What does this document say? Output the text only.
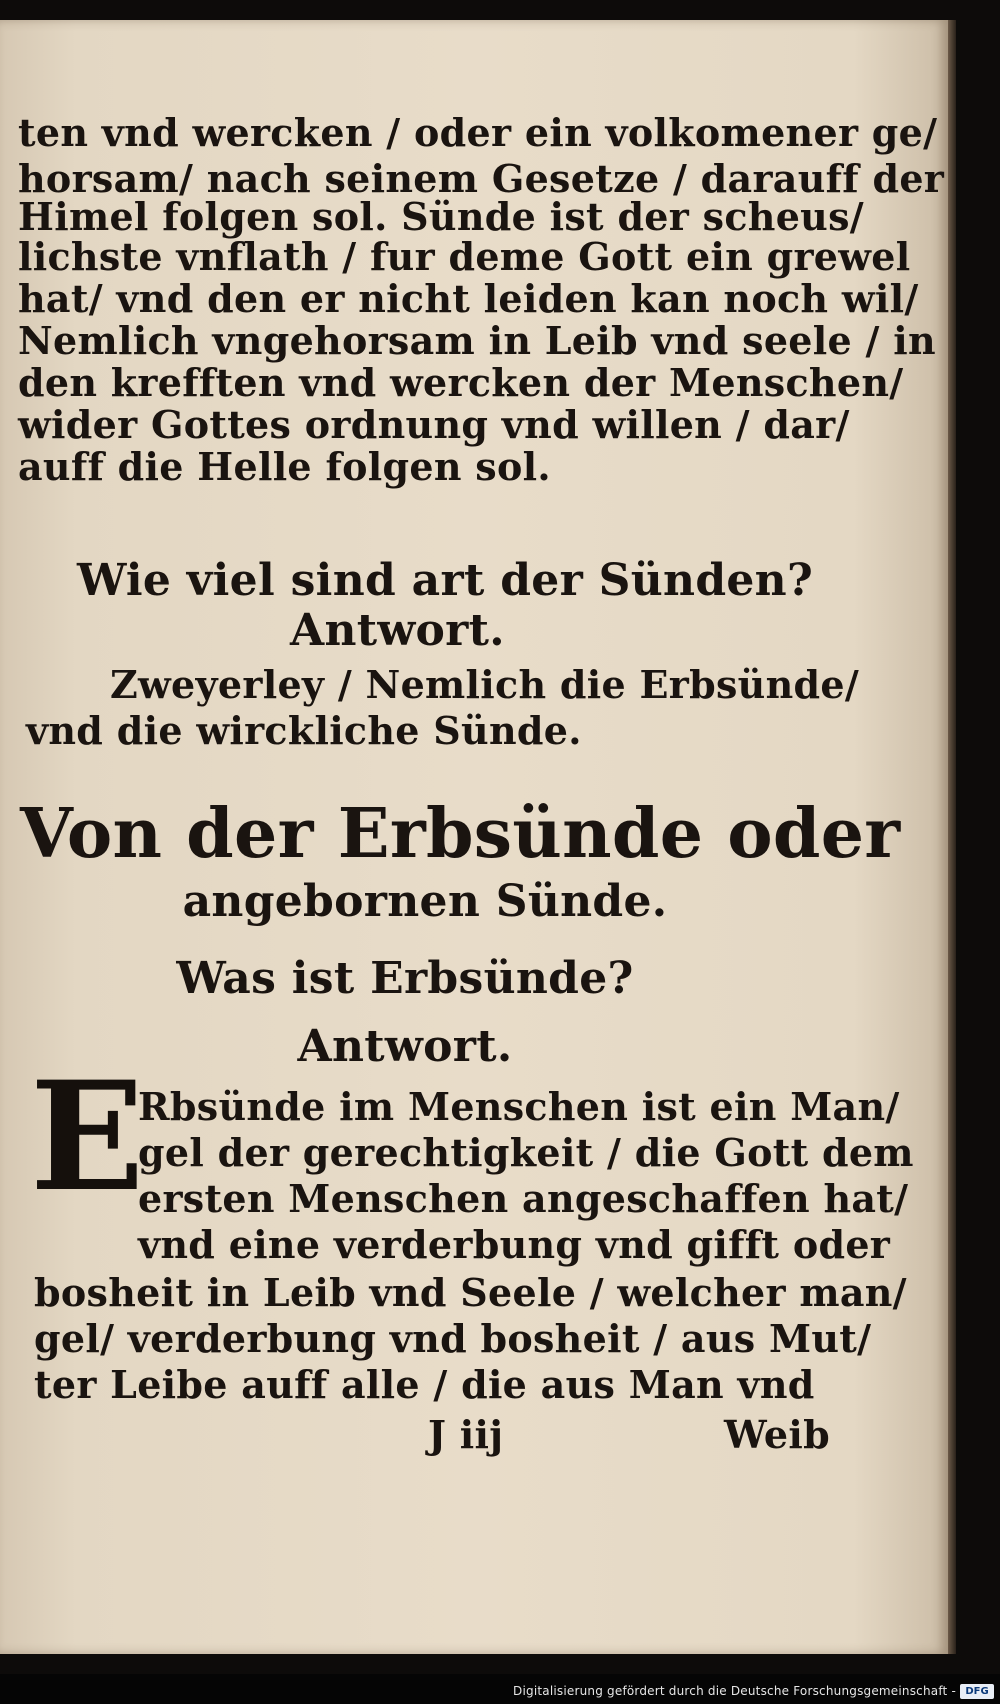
ten vnd wercken / oder ein volkomener ge/
horsam/ nach seinem Gesetze / darauff der
Himel folgen sol. Sünde ist der scheus/
lichste vnflath / fur deme Gott ein grewel
hat/ vnd den er nicht leiden kan noch wil/
Nemlich vngehorsam in Leib vnd seele / in
den krefften vnd wercken der Menschen/
wider Gottes ordnung vnd willen / dar/
auff die Helle folgen sol.
Wie viel sind art der Sünden?
Antwort.
Zweyerley / Nemlich die Erbsünde/
vnd die wirckliche Sünde.
Von der Erbsünde oder
angebornen Sünde.
Was ist Erbsünde?
Antwort.
E
Rbsünde im Menschen ist ein Man/
gel der gerechtigkeit / die Gott dem
ersten Menschen angeschaffen hat/
vnd eine verderbung vnd gifft oder
bosheit in Leib vnd Seele / welcher man/
gel/ verderbung vnd bosheit / aus Mut/
ter Leibe auff alle / die aus Man vnd
J iij	Weib
Digitalisierung gefördert durch die Deutsche Forschungsgemeinschaft - DFG
